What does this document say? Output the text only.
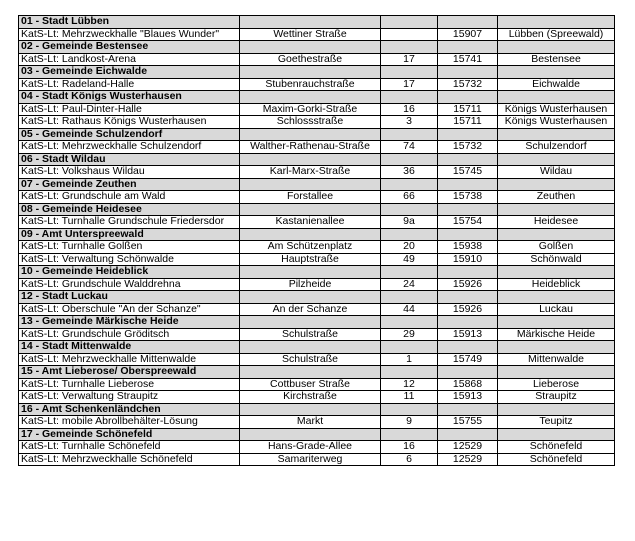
01 - Stadt Lübben				
KatS-Lt: Mehrzweckhalle "Blaues Wunder"	Wettiner Straße		15907	Lübben (Spreewald)
02 - Gemeinde Bestensee				
KatS-Lt: Landkost-Arena	Goethestraße	17	15741	Bestensee
03 - Gemeinde Eichwalde				
KatS-Lt: Radeland-Halle	Stubenrauchstraße	17	15732	Eichwalde
04 - Stadt Königs Wusterhausen				
KatS-Lt: Paul-Dinter-Halle	Maxim-Gorki-Straße	16	15711	Königs Wusterhausen
KatS-Lt: Rathaus Königs Wusterhausen	Schlossstraße	3	15711	Königs Wusterhausen
05 - Gemeinde Schulzendorf				
KatS-Lt: Mehrzweckhalle Schulzendorf	Walther-Rathenau-Straße	74	15732	Schulzendorf
06 - Stadt Wildau				
KatS-Lt: Volkshaus Wildau	Karl-Marx-Straße	36	15745	Wildau
07 - Gemeinde Zeuthen				
KatS-Lt: Grundschule am Wald	Forstallee	66	15738	Zeuthen
08 - Gemeinde Heidesee				
KatS-Lt: Turnhalle Grundschule Friedersdor	Kastanienallee	9a	15754	Heidesee
09 - Amt Unterspreewald				
KatS-Lt: Turnhalle Golßen	Am Schützenplatz	20	15938	Golßen
KatS-Lt: Verwaltung Schönwalde	Hauptstraße	49	15910	Schönwald
10 - Gemeinde Heideblick				
KatS-Lt: Grundschule Walddrehna	Pilzheide	24	15926	Heideblick
12 - Stadt Luckau				
KatS-Lt: Oberschule "An der Schanze"	An der Schanze	44	15926	Luckau
13 - Gemeinde Märkische Heide				
KatS-Lt: Grundschule Gröditsch	Schulstraße	29	15913	Märkische Heide
14 - Stadt Mittenwalde				
KatS-Lt: Mehrzweckhalle Mittenwalde	Schulstraße	1	15749	Mittenwalde
15 - Amt Lieberose/ Oberspreewald				
KatS-Lt: Turnhalle Lieberose	Cottbuser Straße	12	15868	Lieberose
KatS-Lt: Verwaltung Straupitz	Kirchstraße	11	15913	Straupitz
16 - Amt Schenkenländchen				
KatS-Lt: mobile Abrollbehälter-Lösung	Markt	9	15755	Teupitz
17 - Gemeinde Schönefeld				
KatS-Lt: Turnhalle Schönefeld	Hans-Grade-Allee	16	12529	Schönefeld
KatS-Lt: Mehrzweckhalle Schönefeld	Samariterweg	6	12529	Schönefeld
